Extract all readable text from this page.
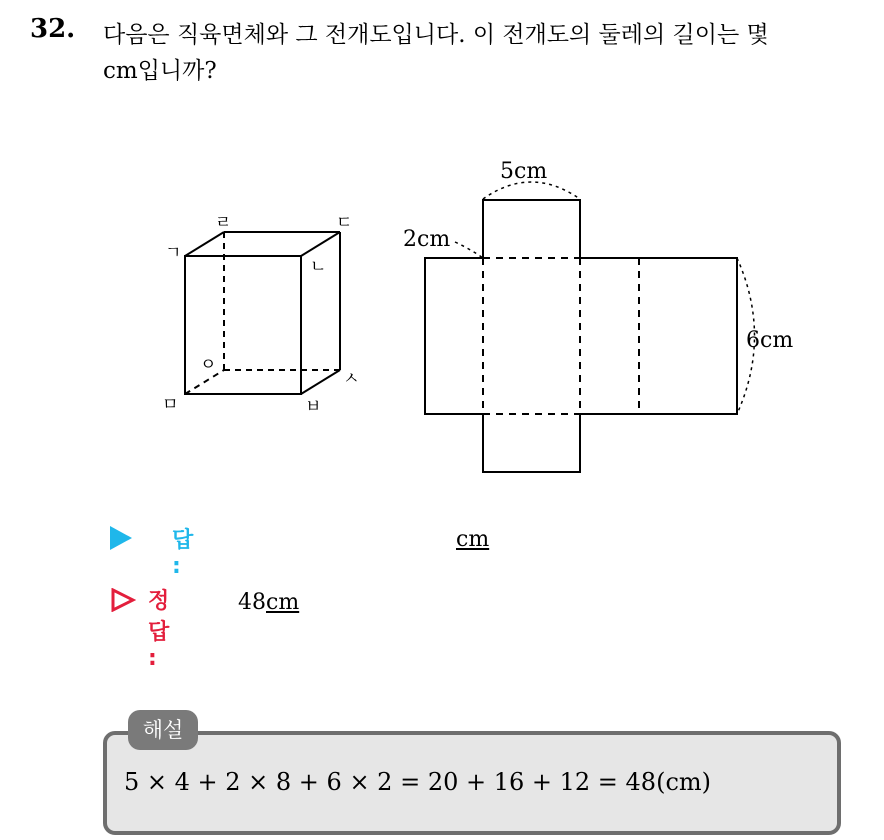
32. 다음은 직육면체와 그 전개도입니다. 이 전개도의 둘레의 길이는 몇
cm입니까?
ㄱ
ㄴ
ㄷ
ㄹ
ㅁ	ㅂ
ㅅ
ㅇ
5cm
2cm
6cm
답 :
cm
정답 :
48cm
해설
5 × 4 + 2 × 8 + 6 × 2 = 20 + 16 + 12 = 48(cm)
